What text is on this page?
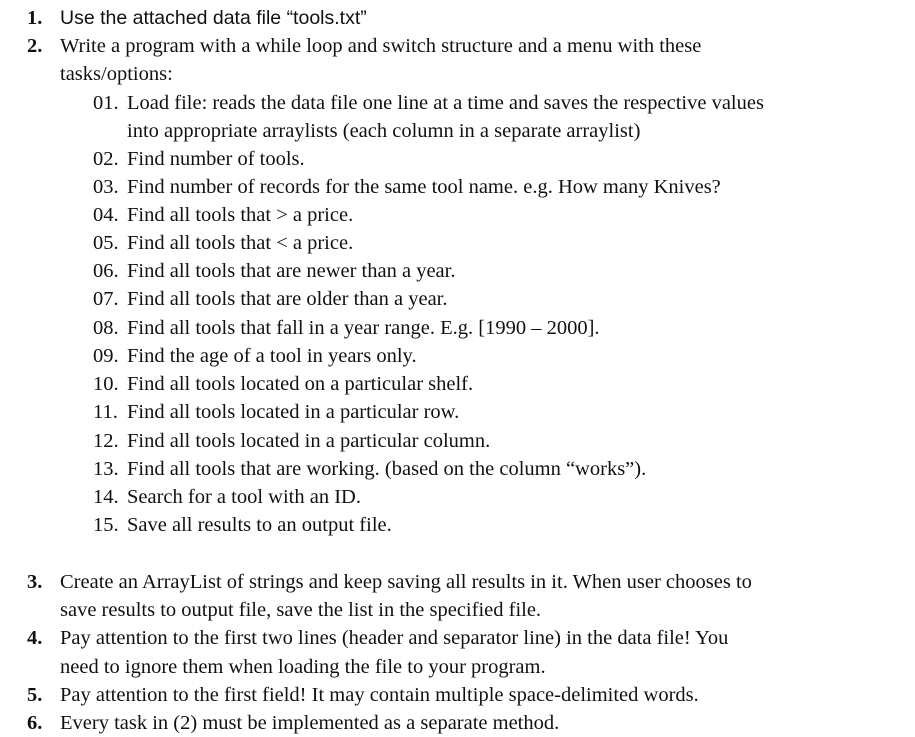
1. Use the attached data file “tools.txt”
2. Write a program with a while loop and switch structure and a menu with these
tasks/options:
01. Load file: reads the data file one line at a time and saves the respective values
into appropriate arraylists (each column in a separate arraylist)
02. Find number of tools.
03. Find number of records for the same tool name. e.g. How many Knives?
04. Find all tools that > a price.
05. Find all tools that < a price.
06. Find all tools that are newer than a year.
07. Find all tools that are older than a year.
08. Find all tools that fall in a year range. E.g. [1990 – 2000].
09. Find the age of a tool in years only.
10. Find all tools located on a particular shelf.
11. Find all tools located in a particular row.
12. Find all tools located in a particular column.
13. Find all tools that are working. (based on the column “works”).
14. Search for a tool with an ID.
15. Save all results to an output file.
3. Create an ArrayList of strings and keep saving all results in it. When user chooses to
save results to output file, save the list in the specified file.
4. Pay attention to the first two lines (header and separator line) in the data file! You
need to ignore them when loading the file to your program.
5. Pay attention to the first field! It may contain multiple space-delimited words.
6. Every task in (2) must be implemented as a separate method.
